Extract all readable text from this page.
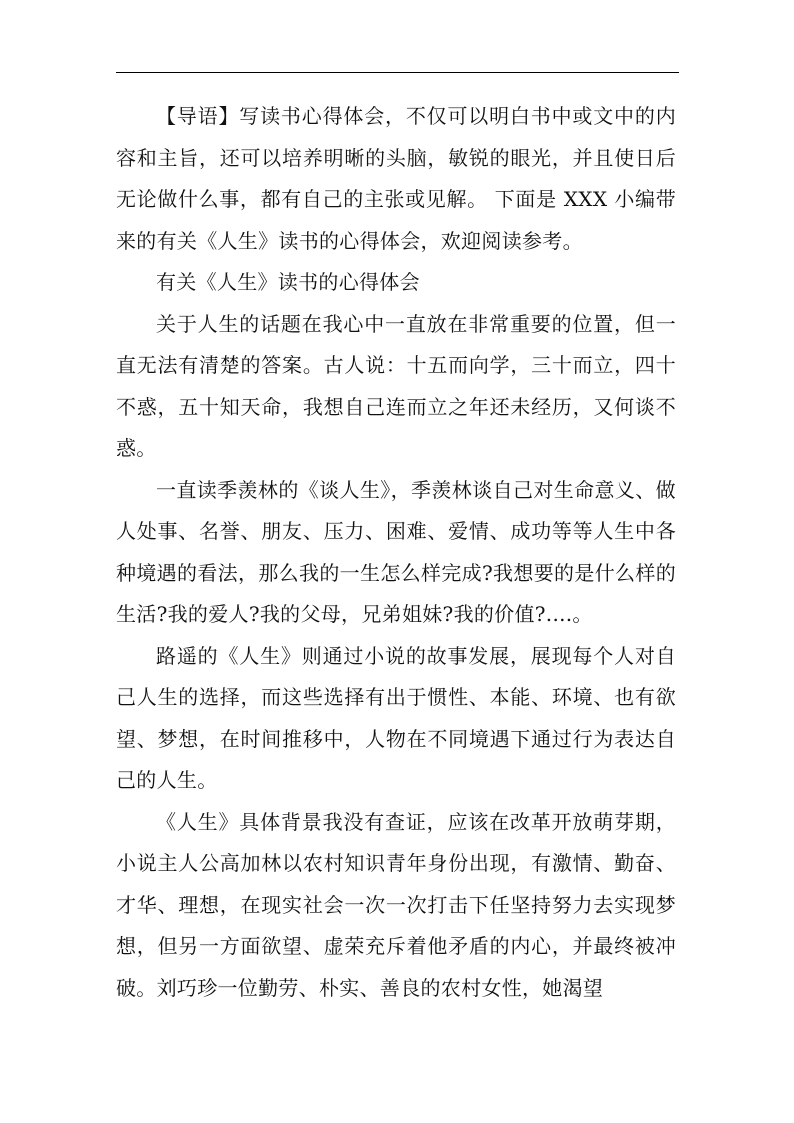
【导语】写读书心得体会，不仅可以明白书中或文中的内容和主旨，还可以培养明晰的头脑，敏锐的眼光，并且使日后无论做什么事，都有自己的主张或见解。 下面是 XXX 小编带来的有关《人生》读书的心得体会，欢迎阅读参考。

有关《人生》读书的心得体会

关于人生的话题在我心中一直放在非常重要的位置，但一直无法有清楚的答案。古人说：十五而向学，三十而立，四十不惑，五十知天命，我想自己连而立之年还未经历，又何谈不惑。

一直读季羡林的《谈人生》，季羡林谈自己对生命意义、做人处事、名誉、朋友、压力、困难、爱情、成功等等人生中各种境遇的看法，那么我的一生怎么样完成?我想要的是什么样的生活?我的爱人?我的父母，兄弟姐妹?我的价值?....。

路遥的《人生》则通过小说的故事发展，展现每个人对自己人生的选择，而这些选择有出于惯性、本能、环境、也有欲望、梦想，在时间推移中，人物在不同境遇下通过行为表达自己的人生。

《人生》具体背景我没有查证，应该在改革开放萌芽期，小说主人公高加林以农村知识青年身份出现，有激情、勤奋、才华、理想，在现实社会一次一次打击下任坚持努力去实现梦想，但另一方面欲望、虚荣充斥着他矛盾的内心，并最终被冲破。刘巧珍一位勤劳、朴实、善良的农村女性，她渴望
